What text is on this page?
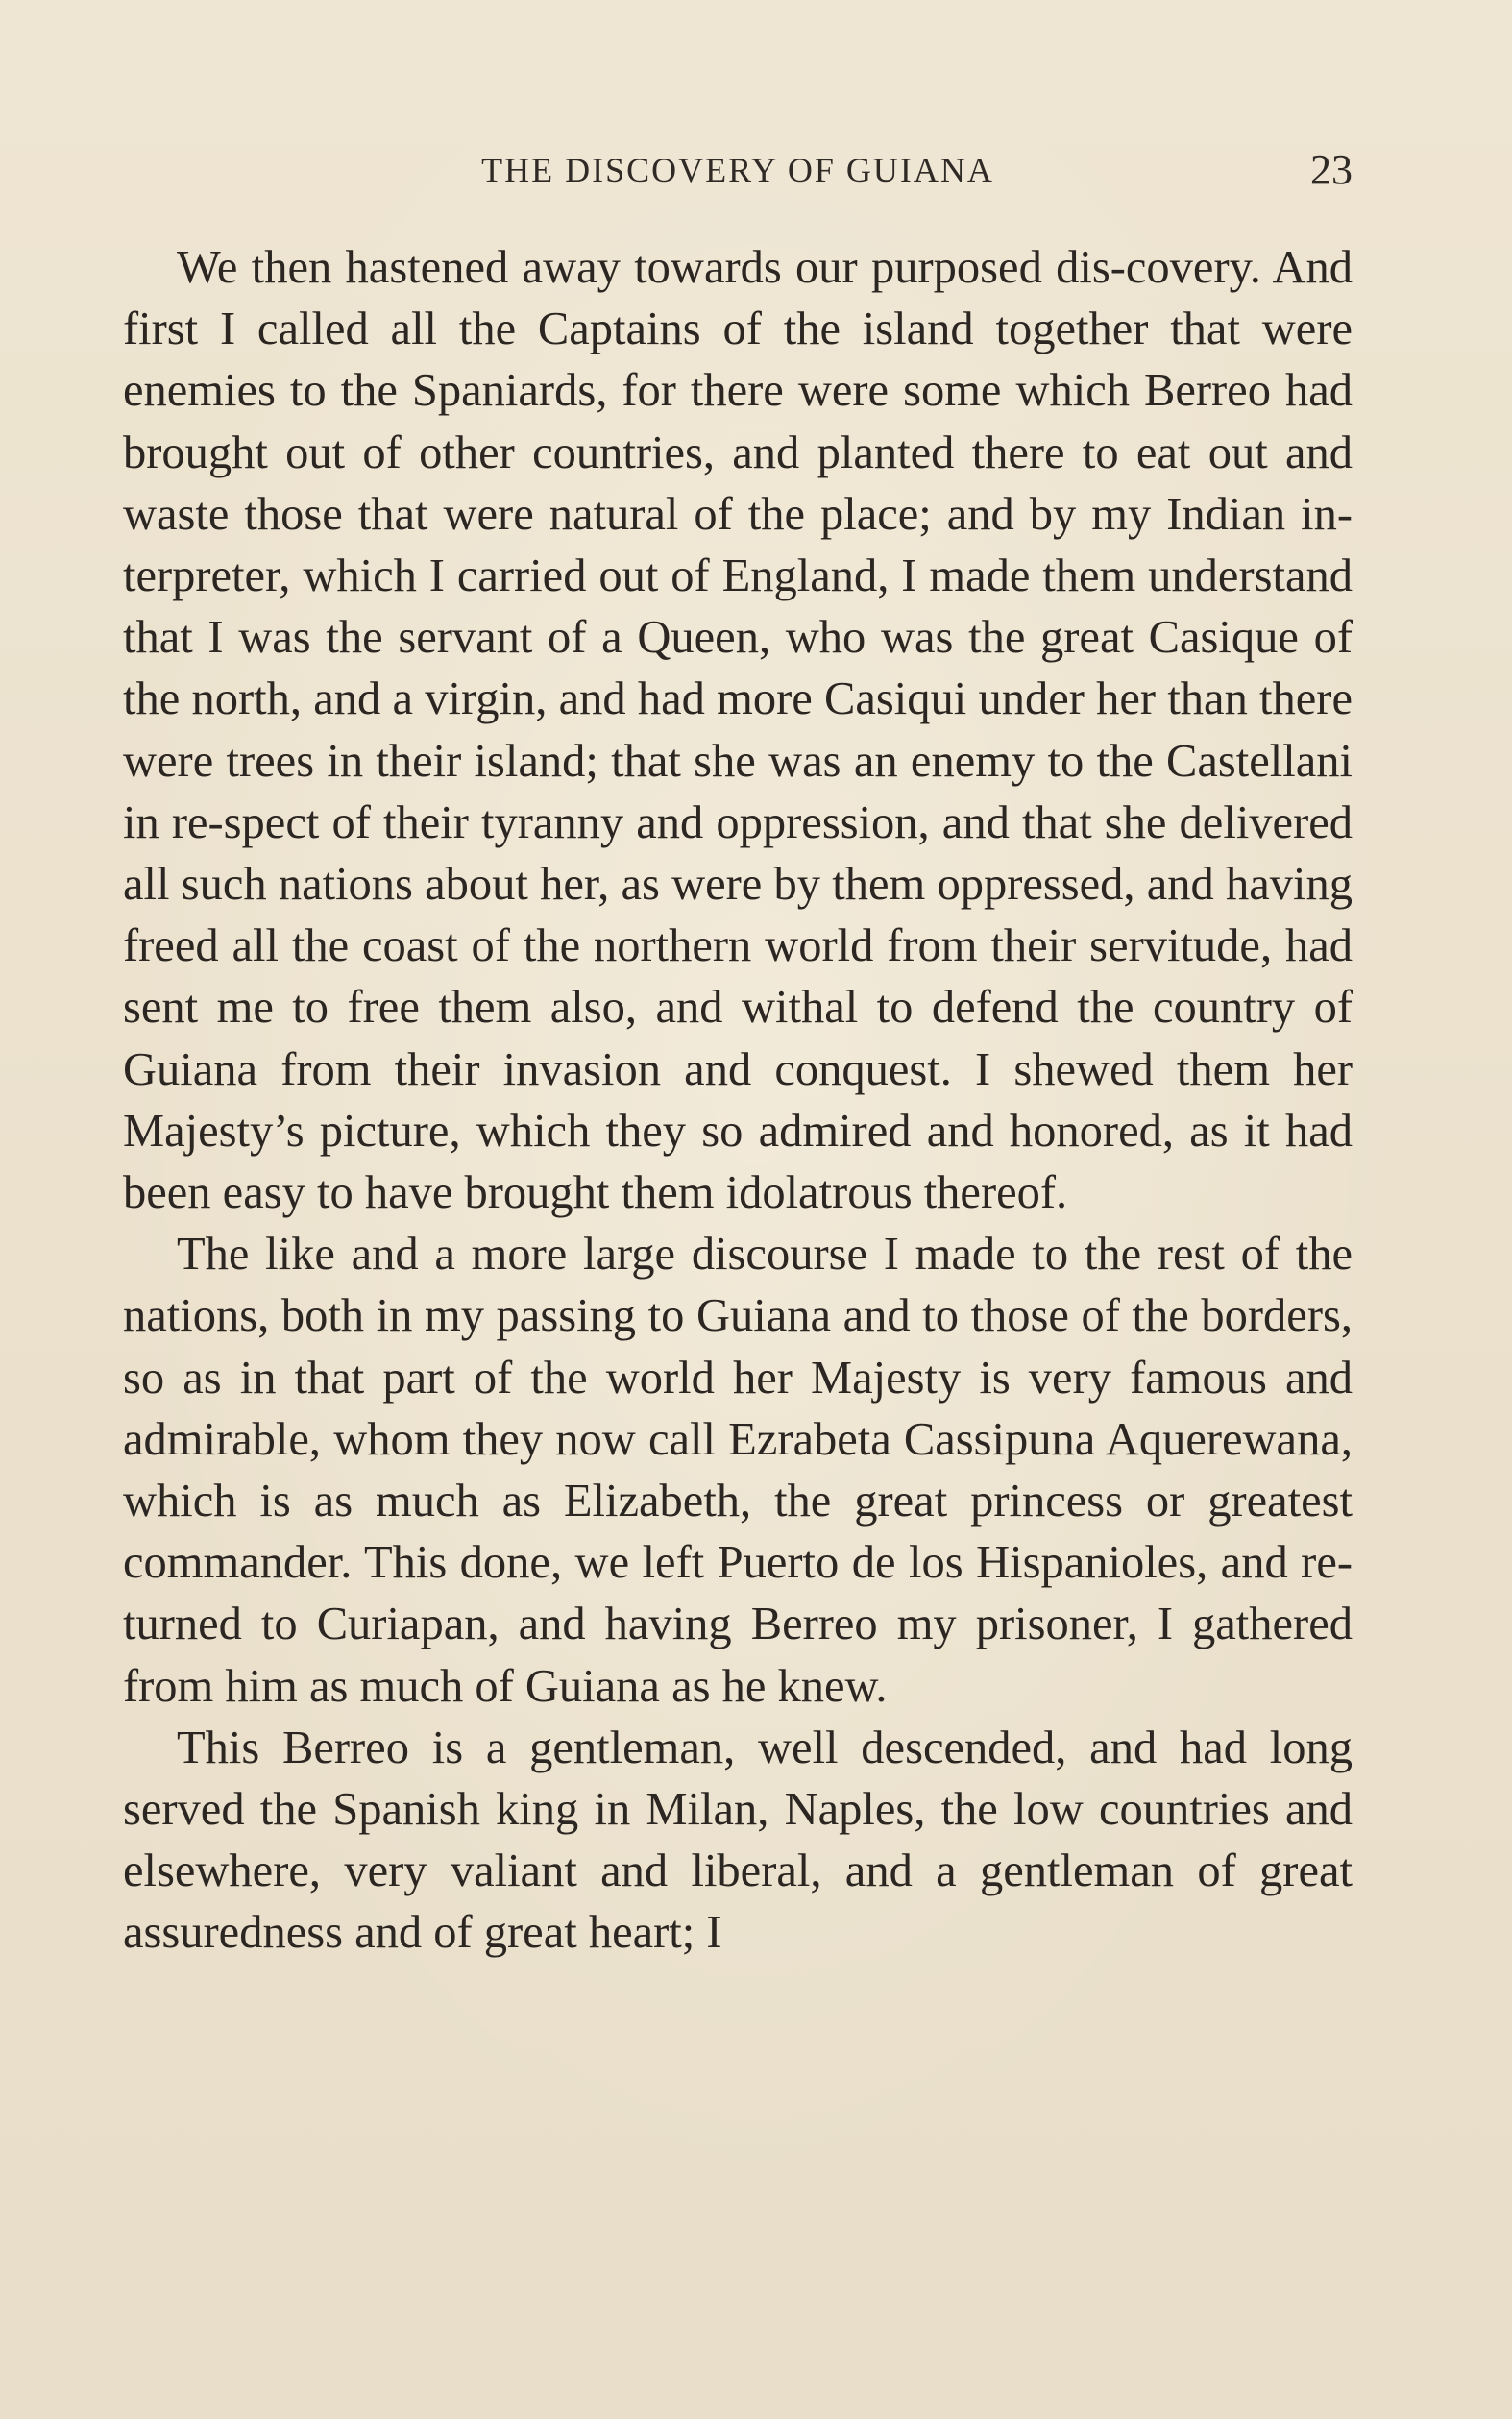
THE DISCOVERY OF GUIANA	23

We then hastened away towards our purposed dis-covery. And first I called all the Captains of the island together that were enemies to the Spaniards, for there were some which Berreo had brought out of other countries, and planted there to eat out and waste those that were natural of the place; and by my Indian in-terpreter, which I carried out of England, I made them understand that I was the servant of a Queen, who was the great Casique of the north, and a virgin, and had more Casiqui under her than there were trees in their island; that she was an enemy to the Castellani in re-spect of their tyranny and oppression, and that she delivered all such nations about her, as were by them oppressed, and having freed all the coast of the northern world from their servitude, had sent me to free them also, and withal to defend the country of Guiana from their invasion and conquest. I shewed them her Majesty’s picture, which they so admired and honored, as it had been easy to have brought them idolatrous thereof.

The like and a more large discourse I made to the rest of the nations, both in my passing to Guiana and to those of the borders, so as in that part of the world her Majesty is very famous and admirable, whom they now call Ezrabeta Cassipuna Aquerewana, which is as much as Elizabeth, the great princess or greatest commander. This done, we left Puerto de los Hispanioles, and re-turned to Curiapan, and having Berreo my prisoner, I gathered from him as much of Guiana as he knew.

This Berreo is a gentleman, well descended, and had long served the Spanish king in Milan, Naples, the low countries and elsewhere, very valiant and liberal, and a gentleman of great assuredness and of great heart; I
